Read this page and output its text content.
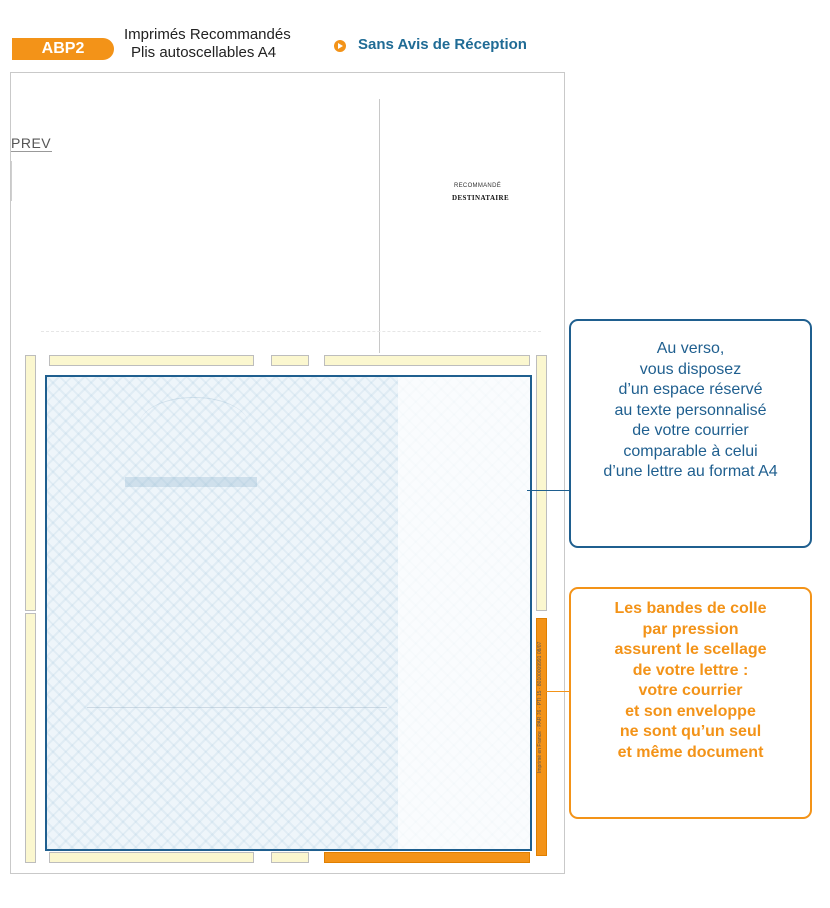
ABP2
Imprimés Recommandés
Plis autoscellables A4	Sans Avis de Réception
PREV
RECOMMANDÉ
DESTINATAIRE
Imprimé en France · PAR 76 · PTI 15 · 80100009991 08/07
Au verso,
vous disposez
d’un espace réservé
au texte personnalisé
de votre courrier
comparable à celui
d’une lettre au format A4
Les bandes de colle
par pression
assurent le scellage
de votre lettre :
votre courrier
et son enveloppe
ne sont qu’un seul
et même document
